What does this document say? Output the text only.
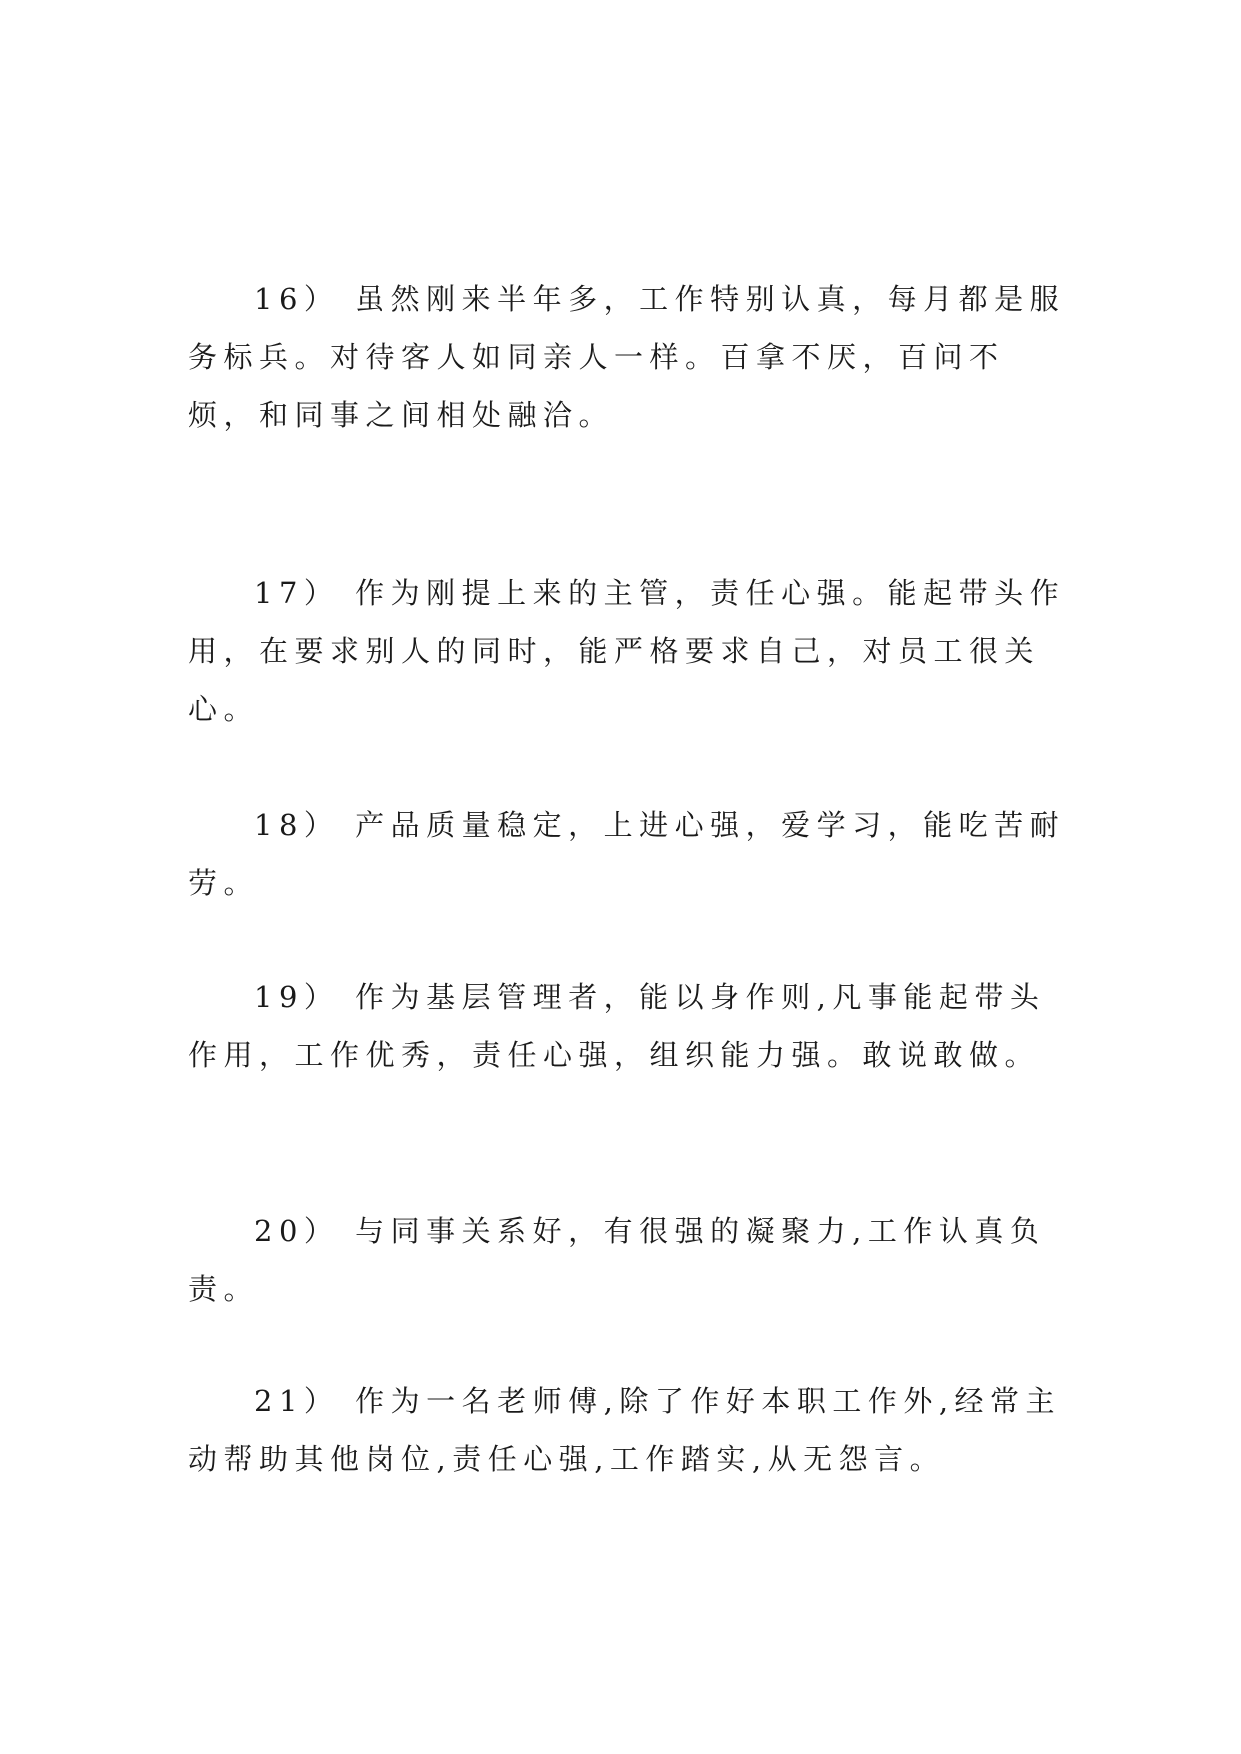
16） 虽然刚来半年多，工作特别认真，每月都是服务标兵。对待客人如同亲人一样。百拿不厌，百问不烦，和同事之间相处融洽。

17） 作为刚提上来的主管，责任心强。能起带头作用，在要求别人的同时，能严格要求自己，对员工很关心。

18） 产品质量稳定，上进心强，爱学习，能吃苦耐劳。

19） 作为基层管理者，能以身作则,凡事能起带头作用，工作优秀，责任心强，组织能力强。敢说敢做。

20） 与同事关系好，有很强的凝聚力,工作认真负责。

21） 作为一名老师傅,除了作好本职工作外,经常主动帮助其他岗位,责任心强,工作踏实,从无怨言。
